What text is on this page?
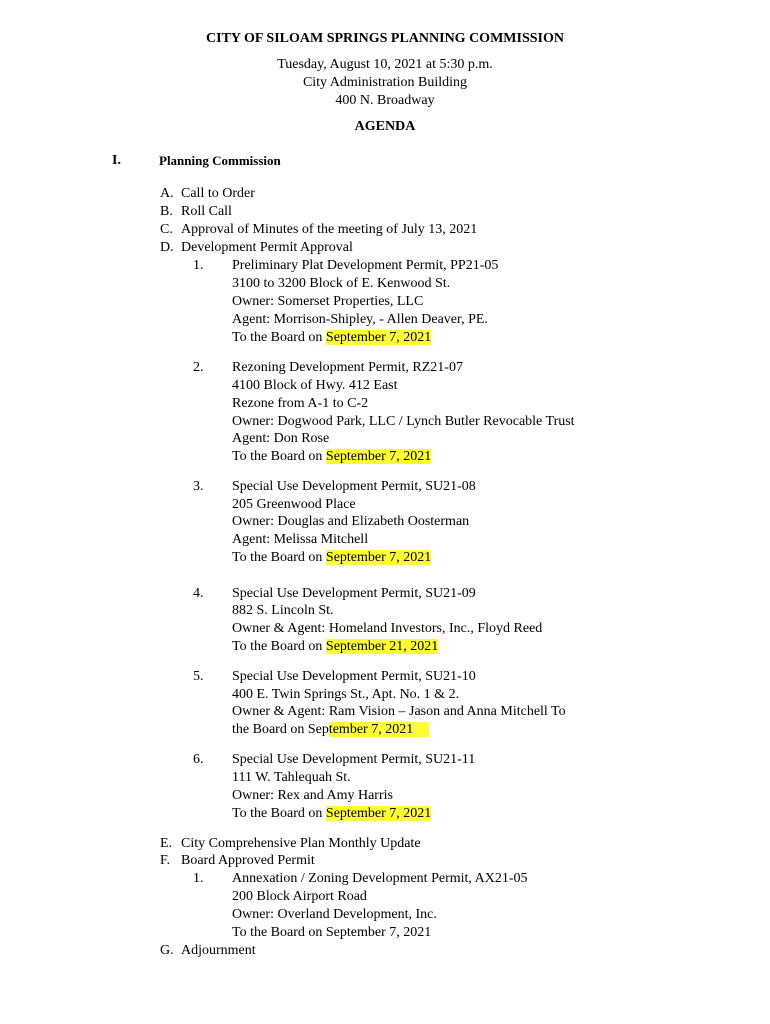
CITY OF SILOAM SPRINGS PLANNING COMMISSION
Tuesday, August 10, 2021 at 5:30 p.m.
City Administration Building
400 N. Broadway
AGENDA
I.	Planning Commission
A. Call to Order
B. Roll Call
C. Approval of Minutes of the meeting of July 13, 2021
D. Development Permit Approval
1. Preliminary Plat Development Permit, PP21-05
3100 to 3200 Block of E. Kenwood St.
Owner: Somerset Properties, LLC
Agent: Morrison-Shipley, - Allen Deaver, PE.
To the Board on September 7, 2021
2. Rezoning Development Permit, RZ21-07
4100 Block of Hwy. 412 East
Rezone from A-1 to C-2
Owner: Dogwood Park, LLC / Lynch Butler Revocable Trust
Agent: Don Rose
To the Board on September 7, 2021
3. Special Use Development Permit, SU21-08
205 Greenwood Place
Owner: Douglas and Elizabeth Oosterman
Agent: Melissa Mitchell
To the Board on September 7, 2021
4. Special Use Development Permit, SU21-09
882 S. Lincoln St.
Owner & Agent: Homeland Investors, Inc., Floyd Reed
To the Board on September 21, 2021
5. Special Use Development Permit, SU21-10
400 E. Twin Springs St., Apt. No. 1 & 2.
Owner & Agent: Ram Vision – Jason and Anna Mitchell To
the Board on September 7, 2021
6. Special Use Development Permit, SU21-11
111 W. Tahlequah St.
Owner: Rex and Amy Harris
To the Board on September 7, 2021
E. City Comprehensive Plan Monthly Update
F. Board Approved Permit
1. Annexation / Zoning Development Permit, AX21-05
200 Block Airport Road
Owner: Overland Development, Inc.
To the Board on September 7, 2021
G. Adjournment
